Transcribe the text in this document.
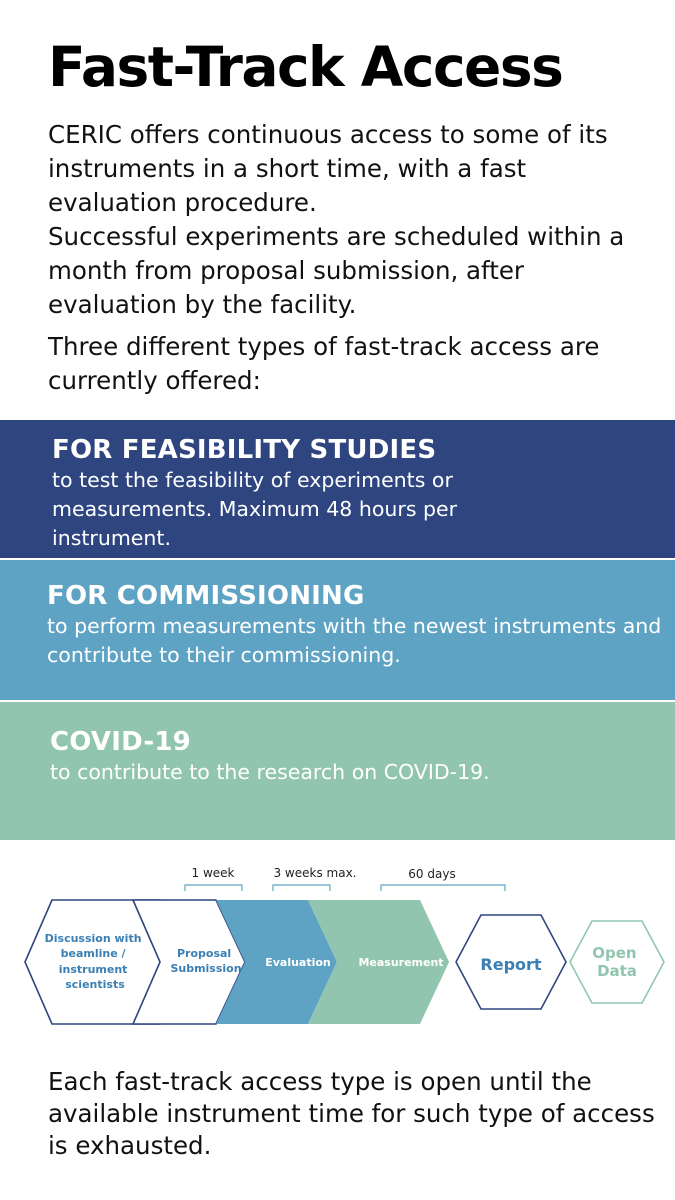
Fast-Track Access

CERIC offers continuous access to some of its instruments in a short time, with a fast evaluation procedure.

Successful experiments are scheduled within a month from proposal submission, after evaluation by the facility.

Three different types of fast-track access are currently offered:

FOR FEASIBILITY STUDIES

to test the feasibility of experiments or measurements. Maximum 48 hours per instrument.

FOR COMMISSIONING

to perform measurements with the newest instruments and contribute to their commissioning.

COVID-19

to contribute to the research on COVID-19.

1 week	3 weeks max.	60 days
Discussion with beamline / instrument scientists
Proposal Submission Evaluation	Measurement Report
Open Data

Each fast-track access type is open until the available instrument time for such type of access is exhausted.
